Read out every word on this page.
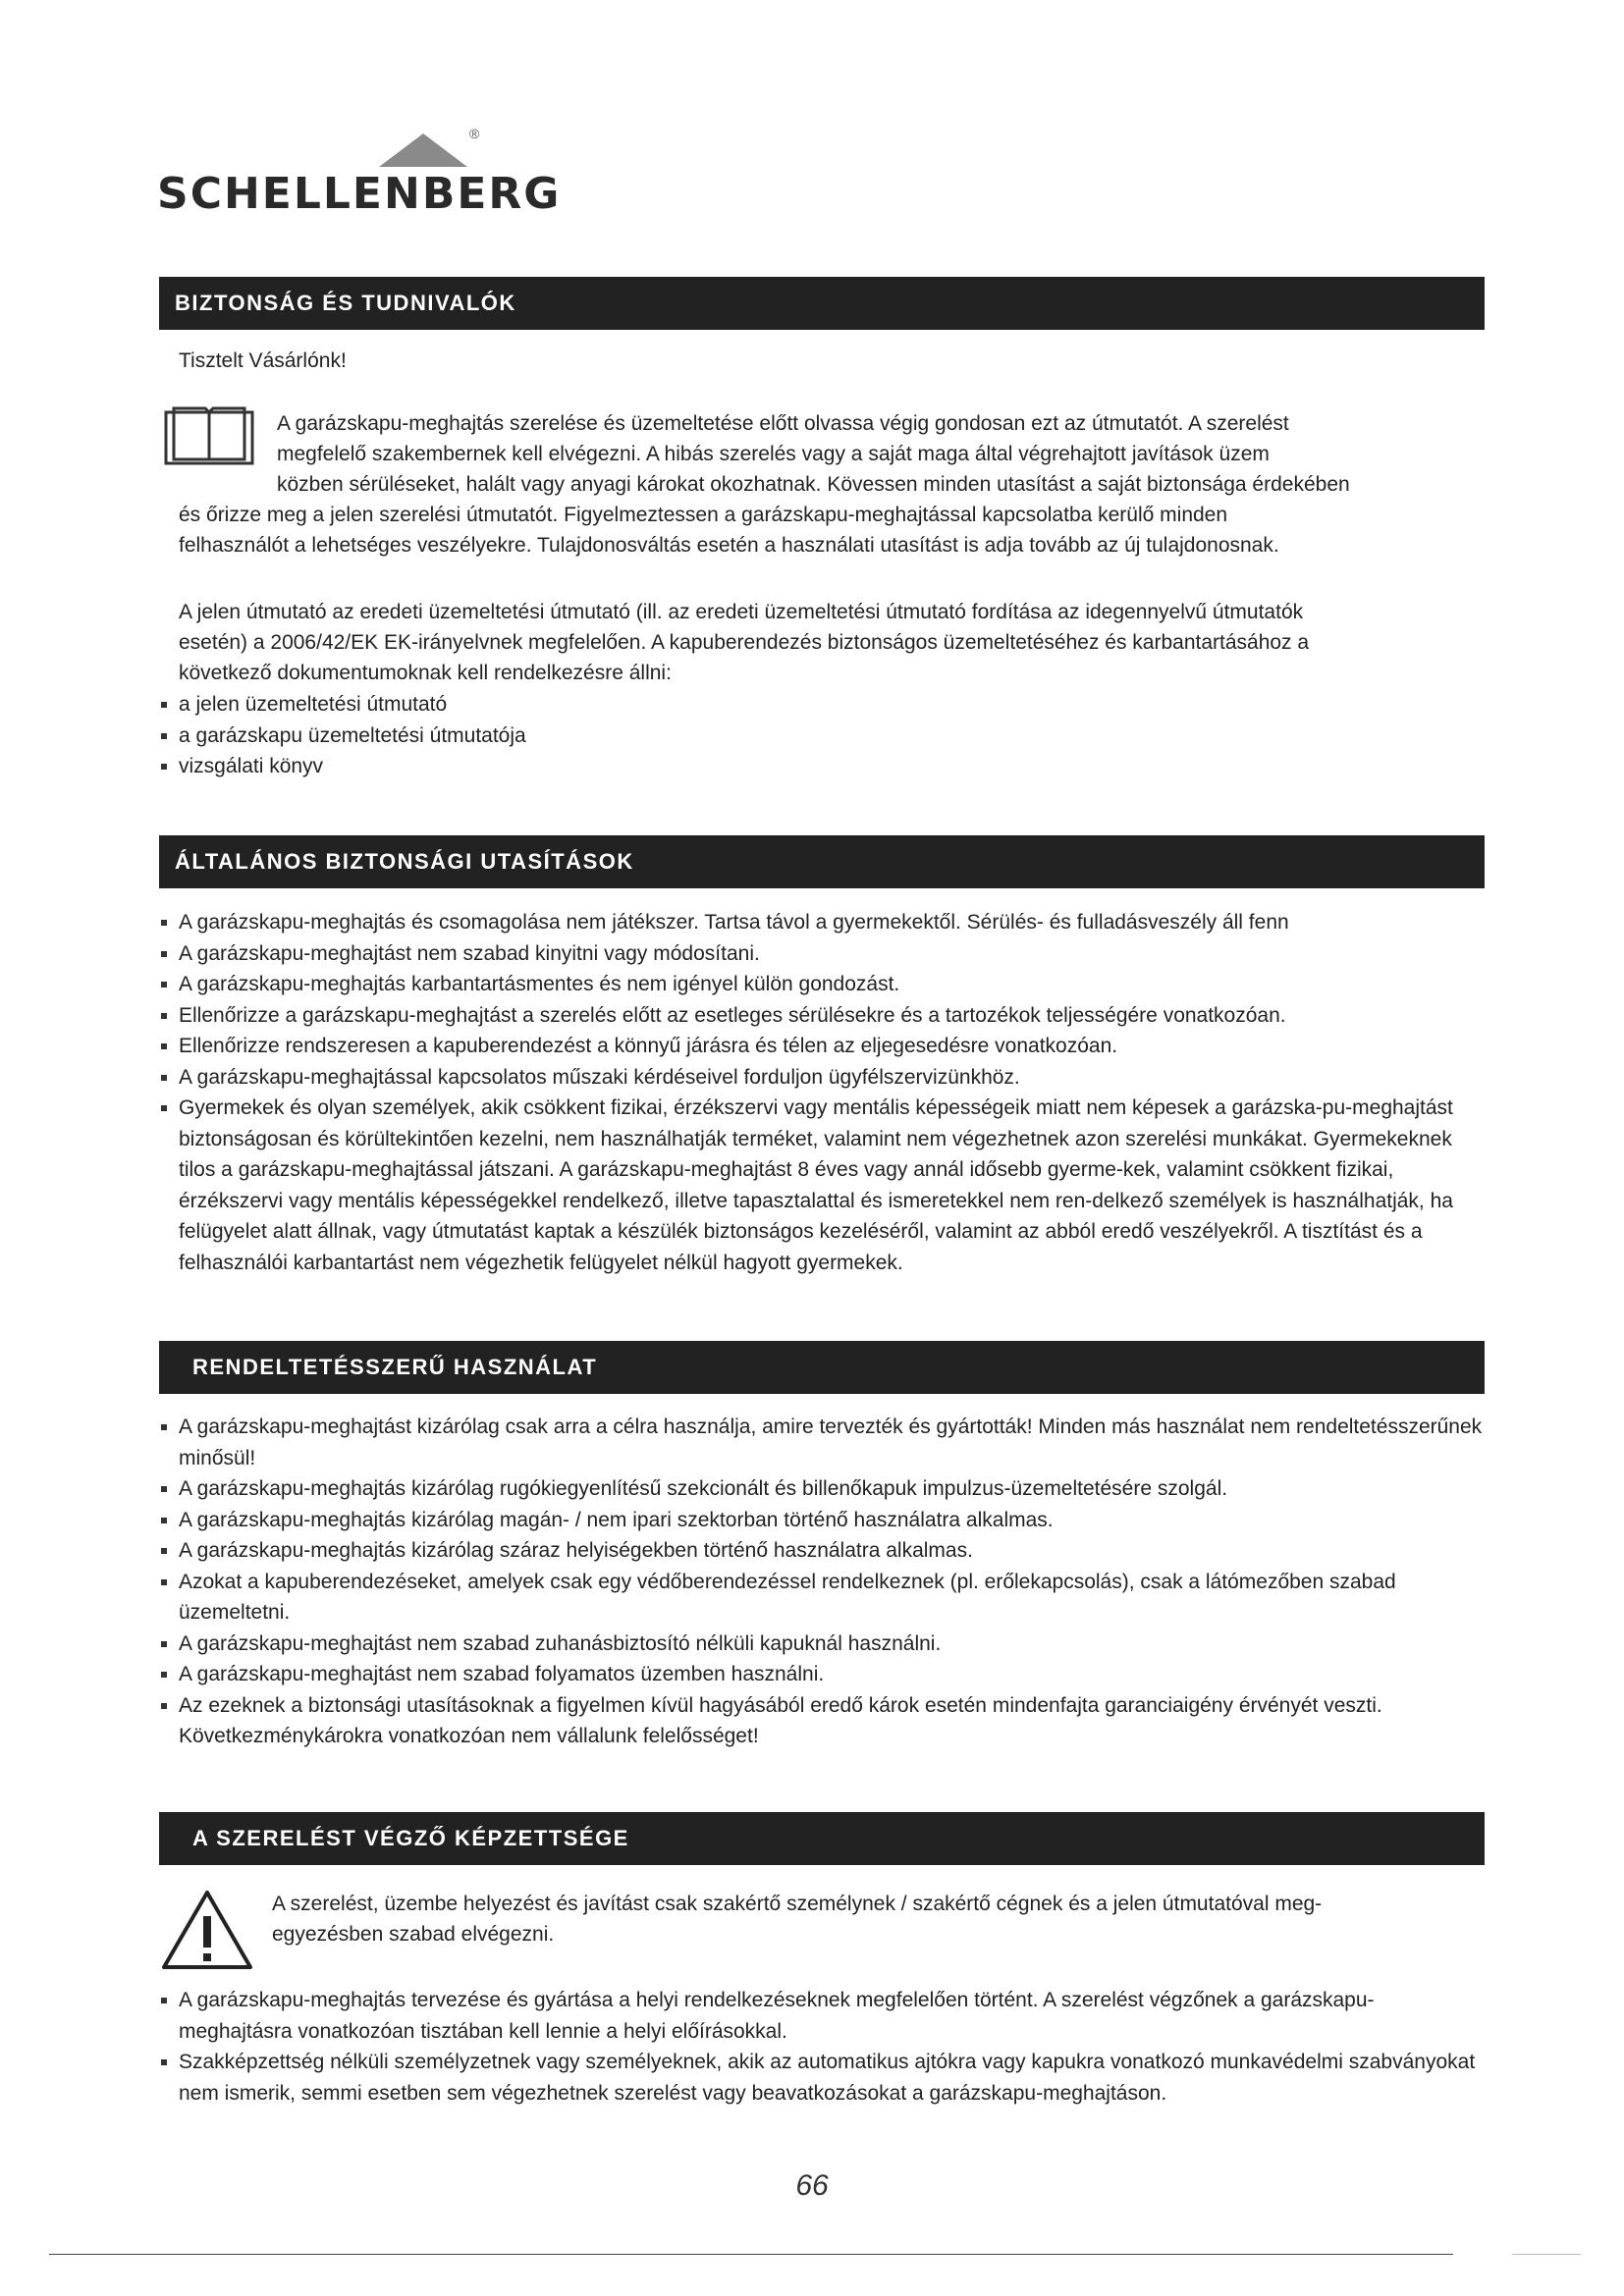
®
SCHELLENBERG
BIZTONSÁG ÉS TUDNIVALÓK
Tisztelt Vásárlónk!
A garázskapu-meghajtás szerelése és üzemeltetése előtt olvassa végig gondosan ezt az útmutatót. A szerelést
megfelelő szakembernek kell elvégezni. A hibás szerelés vagy a saját maga által végrehajtott javítások üzem
közben sérüléseket, halált vagy anyagi károkat okozhatnak. Kövessen minden utasítást a saját biztonsága érdekében
és őrizze meg a jelen szerelési útmutatót. Figyelmeztessen a garázskapu-meghajtással kapcsolatba kerülő minden
felhasználót a lehetséges veszélyekre. Tulajdonosváltás esetén a használati utasítást is adja tovább az új tulajdonosnak.
A jelen útmutató az eredeti üzemeltetési útmutató (ill. az eredeti üzemeltetési útmutató fordítása az idegennyelvű útmutatók
esetén) a 2006/42/EK EK-irányelvnek megfelelően. A kapuberendezés biztonságos üzemeltetéséhez és karbantartásához a
következő dokumentumoknak kell rendelkezésre állni:
a jelen üzemeltetési útmutató
a garázskapu üzemeltetési útmutatója
vizsgálati könyv
ÁLTALÁNOS BIZTONSÁGI UTASÍTÁSOK
A garázskapu-meghajtás és csomagolása nem játékszer. Tartsa távol a gyermekektől. Sérülés- és fulladásveszély áll fenn
A garázskapu-meghajtást nem szabad kinyitni vagy módosítani.
A garázskapu-meghajtás karbantartásmentes és nem igényel külön gondozást.
Ellenőrizze a garázskapu-meghajtást a szerelés előtt az esetleges sérülésekre és a tartozékok teljességére vonatkozóan.
Ellenőrizze rendszeresen a kapuberendezést a könnyű járásra és télen az eljegesedésre vonatkozóan.
A garázskapu-meghajtással kapcsolatos műszaki kérdéseivel forduljon ügyfélszervizünkhöz.
Gyermekek és olyan személyek, akik csökkent fizikai, érzékszervi vagy mentális képességeik miatt nem képesek a garázska-pu-meghajtást biztonságosan és körültekintően kezelni, nem használhatják terméket, valamint nem végezhetnek azon szerelési munkákat. Gyermekeknek tilos a garázskapu-meghajtással játszani. A garázskapu-meghajtást 8 éves vagy annál idősebb gyerme-kek, valamint csökkent fizikai, érzékszervi vagy mentális képességekkel rendelkező, illetve tapasztalattal és ismeretekkel nem ren-delkező személyek is használhatják, ha felügyelet alatt állnak, vagy útmutatást kaptak a készülék biztonságos kezeléséről, valamint az abból eredő veszélyekről. A tisztítást és a felhasználói karbantartást nem végezhetik felügyelet nélkül hagyott gyermekek.
RENDELTETÉSSZERŰ HASZNÁLAT
A garázskapu-meghajtást kizárólag csak arra a célra használja, amire tervezték és gyártották! Minden más használat nem rendeltetésszerűnek minősül!
A garázskapu-meghajtás kizárólag rugókiegyenlítésű szekcionált és billenőkapuk impulzus-üzemeltetésére szolgál.
A garázskapu-meghajtás kizárólag magán- / nem ipari szektorban történő használatra alkalmas.
A garázskapu-meghajtás kizárólag száraz helyiségekben történő használatra alkalmas.
Azokat a kapuberendezéseket, amelyek csak egy védőberendezéssel rendelkeznek (pl. erőlekapcsolás), csak a látómezőben szabad üzemeltetni.
A garázskapu-meghajtást nem szabad zuhanásbiztosító nélküli kapuknál használni.
A garázskapu-meghajtást nem szabad folyamatos üzemben használni.
Az ezeknek a biztonsági utasításoknak a figyelmen kívül hagyásából eredő károk esetén mindenfajta garanciaigény érvényét veszti. Következménykárokra vonatkozóan nem vállalunk felelősséget!
A SZERELÉST VÉGZŐ KÉPZETTSÉGE
A szerelést, üzembe helyezést és javítást csak szakértő személynek / szakértő cégnek és a jelen útmutatóval meg-
egyezésben szabad elvégezni.
A garázskapu-meghajtás tervezése és gyártása a helyi rendelkezéseknek megfelelően történt. A szerelést végzőnek a garázskapu-meghajtásra vonatkozóan tisztában kell lennie a helyi előírásokkal.
Szakképzettség nélküli személyzetnek vagy személyeknek, akik az automatikus ajtókra vagy kapukra vonatkozó munkavédelmi szabványokat nem ismerik, semmi esetben sem végezhetnek szerelést vagy beavatkozásokat a garázskapu-meghajtáson.
66
